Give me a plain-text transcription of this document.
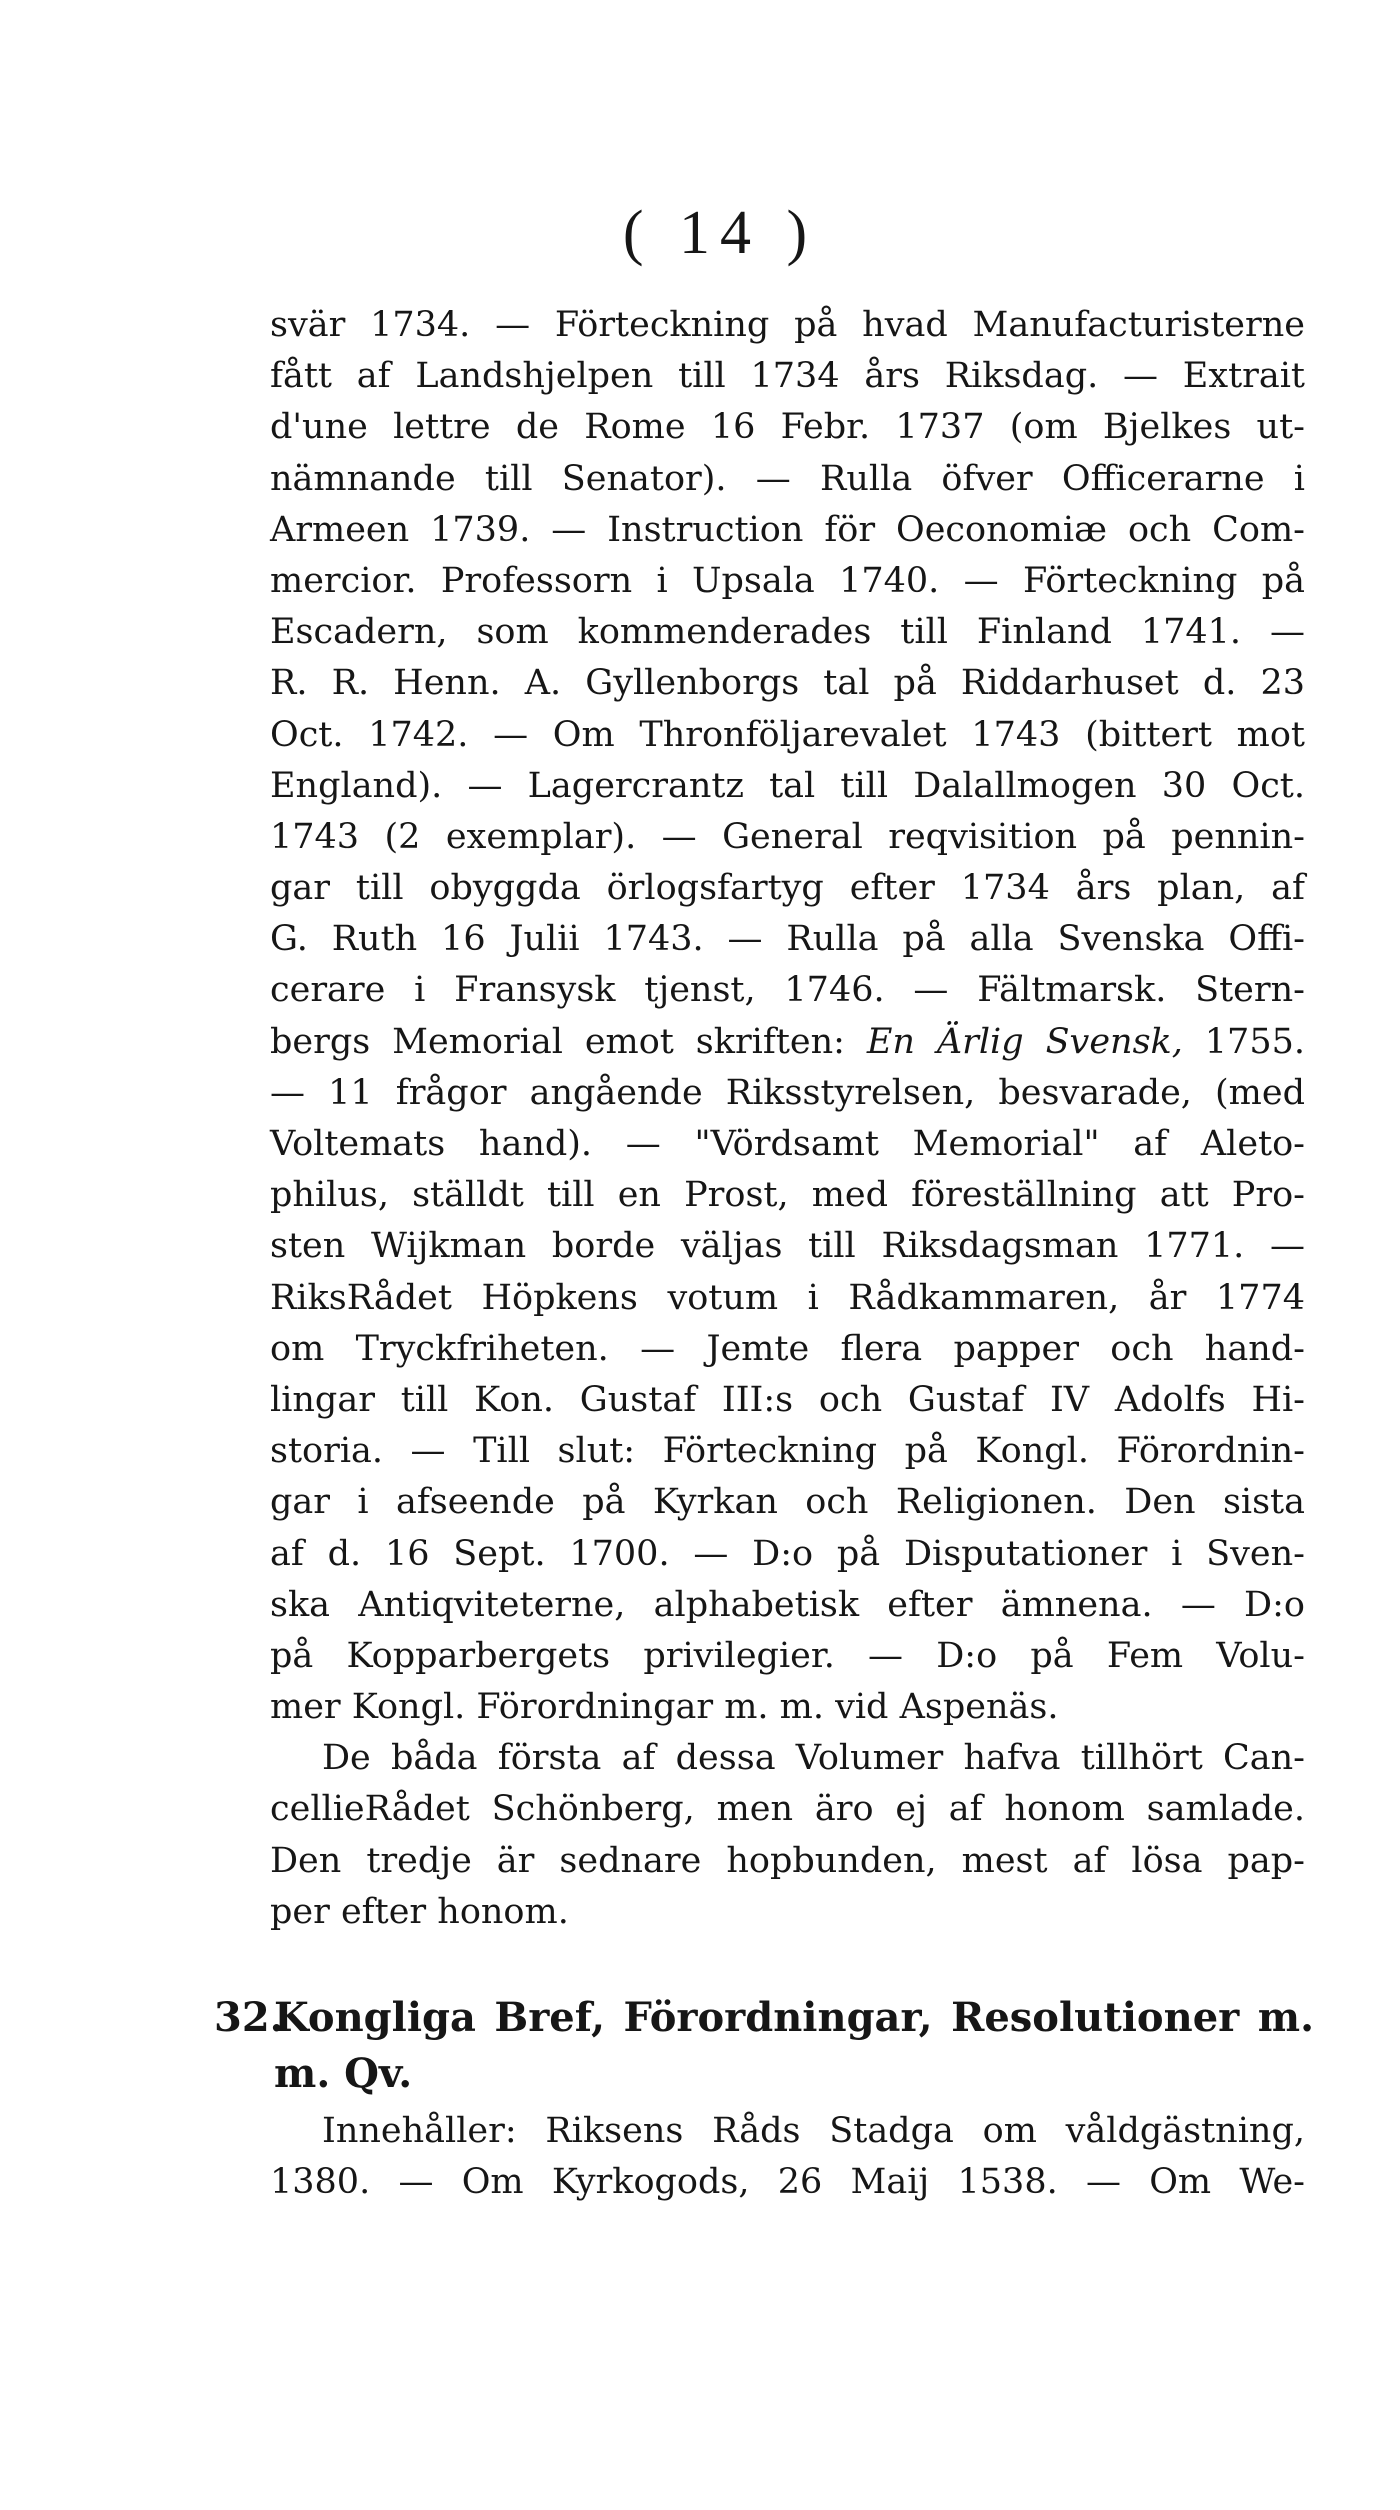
( 14 )
svär 1734. — Förteckning på hvad Manufacturisterne
fått af Landshjelpen till 1734 års Riksdag. — Extrait
d'une lettre de Rome 16 Febr. 1737 (om Bjelkes ut-
nämnande till Senator). — Rulla öfver Officerarne i
Armeen 1739. — Instruction för Oeconomiæ och Com-
mercior. Professorn i Upsala 1740. — Förteckning på
Escadern, som kommenderades till Finland 1741. —
R. R. Henn. A. Gyllenborgs tal på Riddarhuset d. 23
Oct. 1742. — Om Thronföljarevalet 1743 (bittert mot
England). — Lagercrantz tal till Dalallmogen 30 Oct.
1743 (2 exemplar). — General reqvisition på pennin-
gar till obyggda örlogsfartyg efter 1734 års plan, af
G. Ruth 16 Julii 1743. — Rulla på alla Svenska Offi-
cerare i Fransysk tjenst, 1746. — Fältmarsk. Stern-
bergs Memorial emot skriften: En Ärlig Svensk, 1755.
— 11 frågor angående Riksstyrelsen, besvarade, (med
Voltemats hand). — "Vördsamt Memorial" af Aleto-
philus, ställdt till en Prost, med föreställning att Pro-
sten Wijkman borde väljas till Riksdagsman 1771. —
RiksRådet Höpkens votum i Rådkammaren, år 1774
om Tryckfriheten. — Jemte flera papper och hand-
lingar till Kon. Gustaf III:s och Gustaf IV Adolfs Hi-
storia. — Till slut: Förteckning på Kongl. Förordnin-
gar i afseende på Kyrkan och Religionen. Den sista
af d. 16 Sept. 1700. — D:o på Disputationer i Sven-
ska Antiqviteterne, alphabetisk efter ämnena. — D:o
på Kopparbergets privilegier. — D:o på Fem Volu-
mer Kongl. Förordningar m. m. vid Aspenäs.
De båda första af dessa Volumer hafva tillhört Can-
cellieRådet Schönberg, men äro ej af honom samlade.
Den tredje är sednare hopbunden, mest af lösa pap-
per efter honom.
32.Kongliga Bref, Förordningar, Resolutioner m.
m. Qv.
Innehåller: Riksens Råds Stadga om våldgästning,
1380. — Om Kyrkogods, 26 Maij 1538. — Om We-
